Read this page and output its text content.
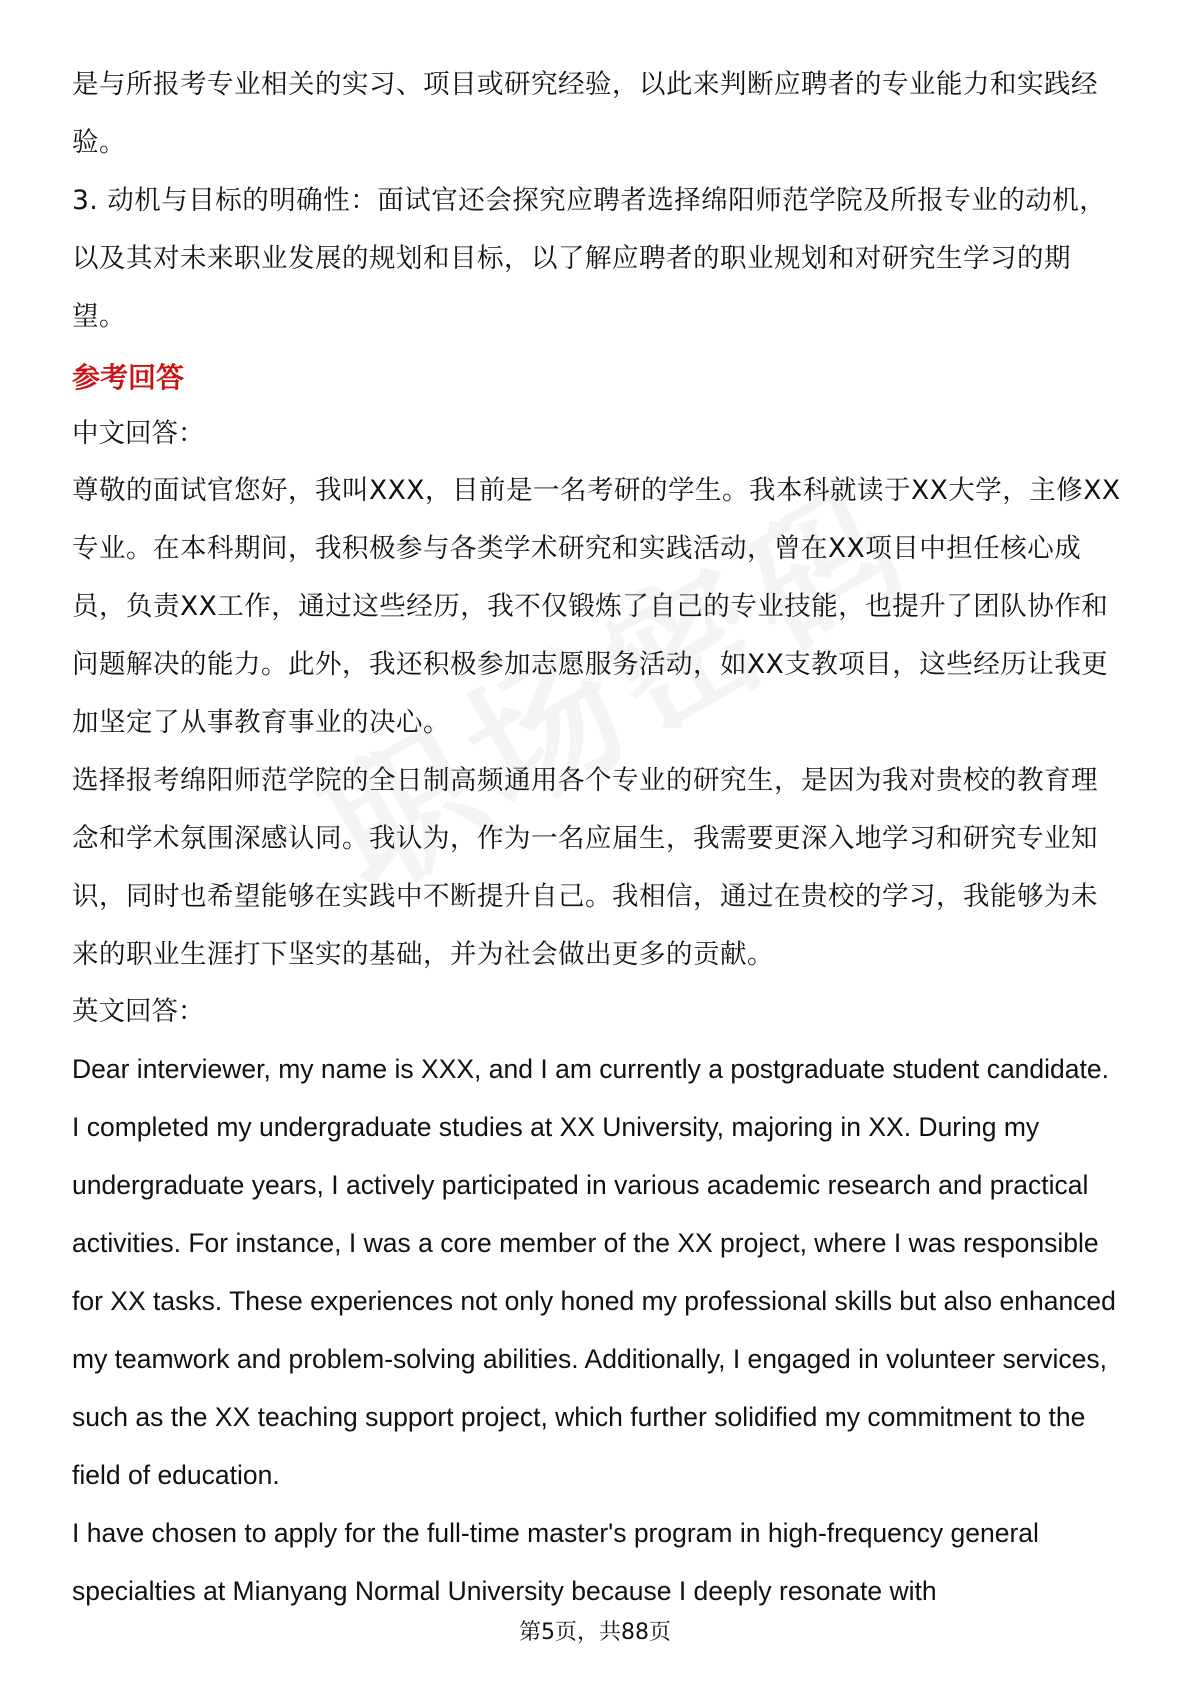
是与所报考专业相关的实习、项目或研究经验，以此来判断应聘者的专业能力和实践经验。

3. 动机与目标的明确性：面试官还会探究应聘者选择绵阳师范学院及所报专业的动机，以及其对未来职业发展的规划和目标，以了解应聘者的职业规划和对研究生学习的期望。

参考回答

中文回答：

尊敬的面试官您好，我叫XXX，目前是一名考研的学生。我本科就读于XX大学，主修XX专业。在本科期间，我积极参与各类学术研究和实践活动，曾在XX项目中担任核心成员，负责XX工作，通过这些经历，我不仅锻炼了自己的专业技能，也提升了团队协作和问题解决的能力。此外，我还积极参加志愿服务活动，如XX支教项目，这些经历让我更加坚定了从事教育事业的决心。

选择报考绵阳师范学院的全日制高频通用各个专业的研究生，是因为我对贵校的教育理念和学术氛围深感认同。我认为，作为一名应届生，我需要更深入地学习和研究专业知识，同时也希望能够在实践中不断提升自己。我相信，通过在贵校的学习，我能够为未来的职业生涯打下坚实的基础，并为社会做出更多的贡献。

英文回答：

Dear interviewer, my name is XXX, and I am currently a postgraduate student candidate. I completed my undergraduate studies at XX University, majoring in XX. During my undergraduate years, I actively participated in various academic research and practical activities. For instance, I was a core member of the XX project, where I was responsible for XX tasks. These experiences not only honed my professional skills but also enhanced my teamwork and problem-solving abilities. Additionally, I engaged in volunteer services, such as the XX teaching support project, which further solidified my commitment to the field of education.

I have chosen to apply for the full-time master's program in high-frequency general specialties at Mianyang Normal University because I deeply resonate with

第5页，共88页
